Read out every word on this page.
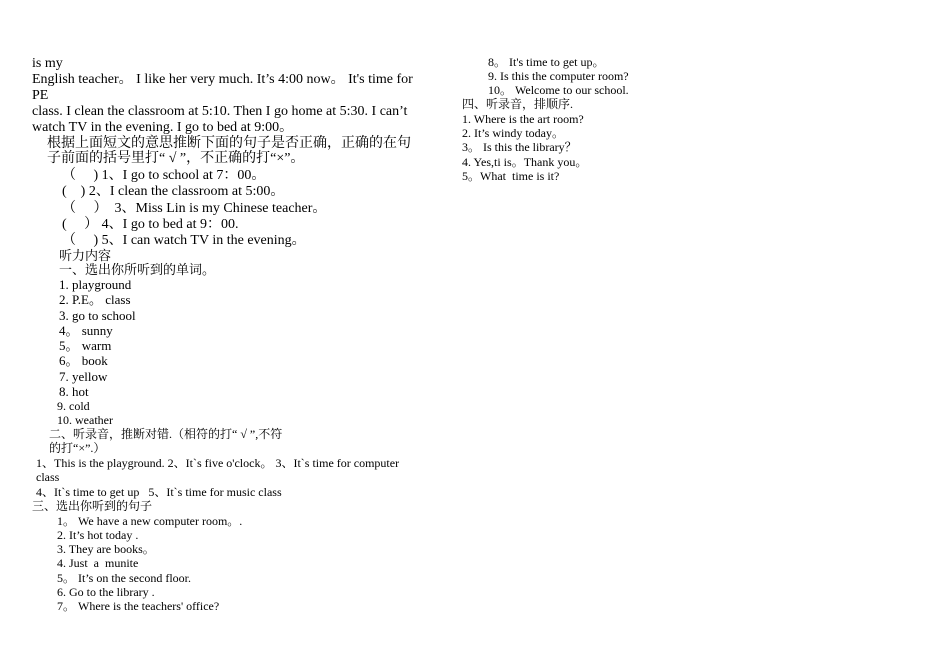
is my
English teacher。 I like her very much. It’s 4:00 now。 It's time for
PE
class. I clean the classroom at 5:10. Then I go home at 5:30. I can’t
watch TV in the evening. I go to bed at 9:00。
根据上面短文的意思推断下面的句子是否正确，正确的在句
子前面的括号里打“ √ ”，不正确的打“×”。
（　 ) 1、I go to school at 7：00。
(　) 2、I clean the classroom at 5:00。
（　 ）  3、Miss Lin is my Chinese teacher。
(　 ） 4、I go to bed at 9：00.
（　 ) 5、I can watch TV in the evening。
听力内容
一、选出你所听到的单词。
1. playground
2. P.E。 class
3. go to school
4。 sunny
5。 warm
6。 book
7. yellow
8. hot
9. cold
10. weather
二、听录音，推断对错.（相符的打“ √ ”,不符
的打“×”.）
1、This is the playground. 2、It`s five o'clock。 3、It`s time for computer
class
4、It`s time to get up   5、It`s time for music class
三、选出你听到的句子
1。 We have a new computer room。.
2. It’s hot today .
3. They are books。
4. Just  a  munite
5。 It’s on the second floor.
6. Go to the library .
7。 Where is the teachers' office?
8。 It's time to get up。
9. Is this the computer room?
10。 Welcome to our school.
四、听录音，排顺序.
1. Where is the art room?
2. It’s windy today。
3。 Is this the library？
4. Yes,ti is。Thank you。
5。What  time is it?
